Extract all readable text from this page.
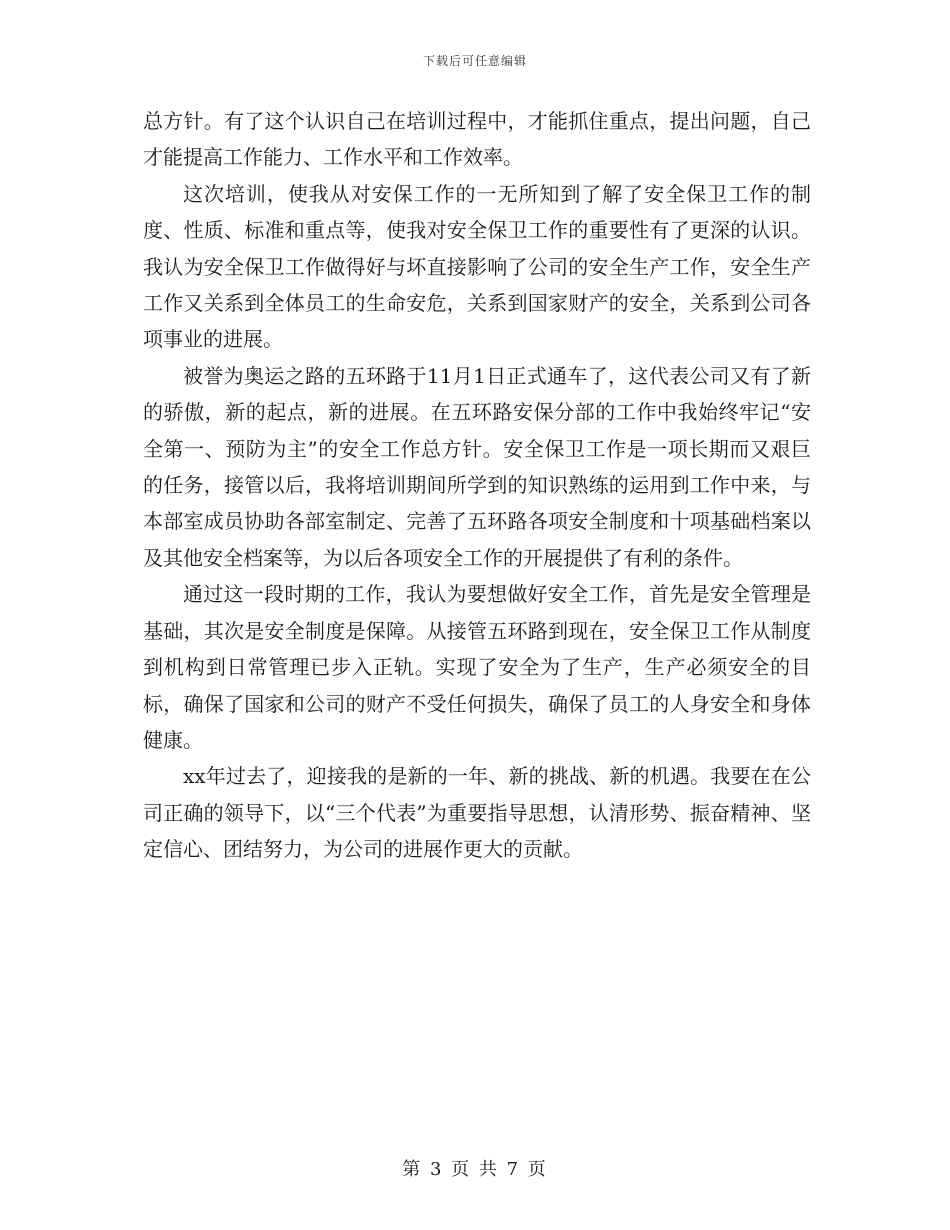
下载后可任意编辑

总方针。有了这个认识自己在培训过程中，才能抓住重点，提出问题，自己才能提高工作能力、工作水平和工作效率。

这次培训，使我从对安保工作的一无所知到了解了安全保卫工作的制度、性质、标准和重点等，使我对安全保卫工作的重要性有了更深的认识。我认为安全保卫工作做得好与坏直接影响了公司的安全生产工作，安全生产工作又关系到全体员工的生命安危，关系到国家财产的安全，关系到公司各项事业的进展。

被誉为奥运之路的五环路于11月1日正式通车了，这代表公司又有了新的骄傲，新的起点，新的进展。在五环路安保分部的工作中我始终牢记“安全第一、预防为主”的安全工作总方针。安全保卫工作是一项长期而又艰巨的任务，接管以后，我将培训期间所学到的知识熟练的运用到工作中来，与本部室成员协助各部室制定、完善了五环路各项安全制度和十项基础档案以及其他安全档案等，为以后各项安全工作的开展提供了有利的条件。

通过这一段时期的工作，我认为要想做好安全工作，首先是安全管理是基础，其次是安全制度是保障。从接管五环路到现在，安全保卫工作从制度到机构到日常管理已步入正轨。实现了安全为了生产，生产必须安全的目标，确保了国家和公司的财产不受任何损失，确保了员工的人身安全和身体健康。

xx年过去了，迎接我的是新的一年、新的挑战、新的机遇。我要在在公司正确的领导下，以“三个代表”为重要指导思想，认清形势、振奋精神、坚定信心、团结努力，为公司的进展作更大的贡献。

第 3 页 共 7 页
